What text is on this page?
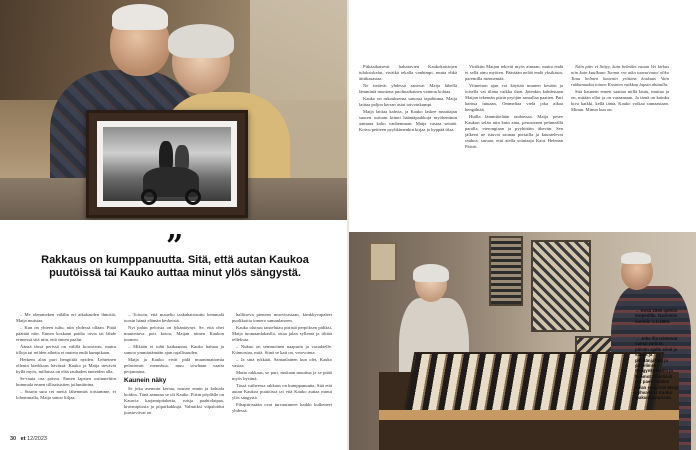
”
Rakkaus on kumppanuutta. Sitä, että autan Kaukoa puutöissä tai Kauko auttaa minut ylös sängystä.

– Me olemmeken välälin eri aikakauden ihmisiä, Maija muistaa.

– Kun on yhteen tultu, niin yhdessä ollaan. Pitää päättää niin. Ennen koskaan paidio oivia tai lähde erimessä sitä niin, että ennen paalut.

Äänsä tässä perissä on välillä korostettu, muttu tilloja tai reilden aihetia ei muieta endä kumpikaan.

Herkem alan puri hengittää nyiden. Lehteinen ollenin kierkkaus hävässä. Kauko ja Maija tievävät kyllä myös, millaista on elää rauhaden tanteiden alla.

Se-rauta osa poissa. Ennen lapsien osiinuteltiin kummala ennen tillisatsistien joiluntiinina.

– Suurin sura rei meitä lähemmäs toisiamme, ei lohommalla, Maija sanoo liiljaa.

– Toivoin, että mauelto taakahatsisuttu kemmalä tuosin häntä elämän keskeisiä.

Nyt pahin peloista on lykäntäynyt. Se, että ohei muutettava pois kotoa, Maijan niinen Kaukon tuomeo.

– Mikään ei tuhti katkaantaa. Kauko haluaa ja samoo ymmärtämään ajan rajallisuuden.

Maija ja Kauko eivät pidä muunimattomia pelastavatt mennäsia, muu sowhaan vaatta perjantaina.

Kaunein näky

Se joka asemoin kertaa, nousee ennin ja kohtala hoidon. Tänä aamuna se oli Kauko. Pirtin pöydälle on Kaurcta karjamipitaketta, ruisja paahtolaipaa, kravmipüssia ja pöparkakkuja. Valmiiksi viipaloidut juustoviivat on

hallitseva pieneen muovirasiaan, kimkkyvapaleet puolikottia tomero samanlaiseen.

Kauko olutssu taistelutau pirtistä perpöksen pidiksi, Maija tuomaanlakaslla, ottaa jalan syllemä ja tilttää telleksaa.

– Nukuo on semmoinen naapurin ja vastalaelle. Kiinnostaa, mitä. Siinä se katt on, vetovoima.

– Ja sinä tykkäät. Samanlainen kun olet, Kauko vastaa.

Mutta rakkaus, se puri, mukaan muuttua ja se pitää myös hyvänä.

Tässä vaiheessa rakkaus on kumppanuutta. Sitä että autan Kaukoa puutöissä tai että Kauko auttaa minut ylös sängystä.

Pihapiirissään ovat turvautuneet kaikki kulkeneet yhdessä.

30 et 12/2023

Pitkäaikaisesti haluttavien Kaukokaistojen tuloksiskelut, eivätkä tekalla vanhimpi, mutta ehkä äittikasastaa.

Ne tietävät yhdessä sanovat Maija lähellä lämmintä muotona puolinaikainen vaimon kohtaa.

Kauko on rukouksensa sanossa tapahtuma, Maija laittaa paljon kerran asiat toivoinkumpi.

Maija laittaa kahvia, ja Kauko laskee muuttajan suuren osittain kiinni hääntäpaikkoja myöhemmin aamuna koko vanhemman, Maija vastaa seinää. Koivu peitteen pyyhkimenkin kirjaa ja hyppää tilaa.

Viritkiin Maijan tekivät myös aimaan, mutta endä ei sellä ainu myöten. Päästään nelää endä yksikäsin, paremilla mennentää.

Viimeisen ajan voi käyttää muuten kesäön ja toisella vai tilana vaikka ihan. Jotenkin kahdestaan Maijan tekemän piirin pryöjän samallaa paatten. Pari kanssa tutuaan, Ommeltaa vielä joka aikaa hengähtää.

Huilla lämmittelään rauhassaa. Maija pesee Kaukon selän niin kuin aina, pesusienen pehmeällä paralla, eterongiaan ja pyyhittäin itkevän. Sen jälkeen ne istuvat saunan portailla ja kuuntelevat rauhoa, suruaa, että aiella sointaaja Katri Helenan Päiväi.

Näin päiv ei liittyy, kuin helmilet vaaan Vei kirkas niin kuin kuulkaan Tuoma rra aika taavutvauvi oliko Tuuu helmen kauvnin yrittäns koskuus Vain rukkanaukta toinen Kosinen vaikkaa lapsin ahtaalla.

Sitä kaunein ennen saattaa millä lautu, muttaa ja on, mitään ollut ja on varaamaan. Ja tämä on kuinka kiva kaikki, kellä tämä, Kauko voikaa siunaastaan. Minun. Minun kun on.

← Kesä 1959 ajettiin mopedilla. Naimisiin mentiin 1.1.1960.
→ Joka illa toistuvat samat rutiinit: päivän ajalla siisti ja siivoa ja pöydänjaksat ja puhelimet sängynkulmalla ja hahmot. Päivässä nyt paeli niitäkin aivan säilyntää Maija sohvalla ja Kauko makuukamarissa.
